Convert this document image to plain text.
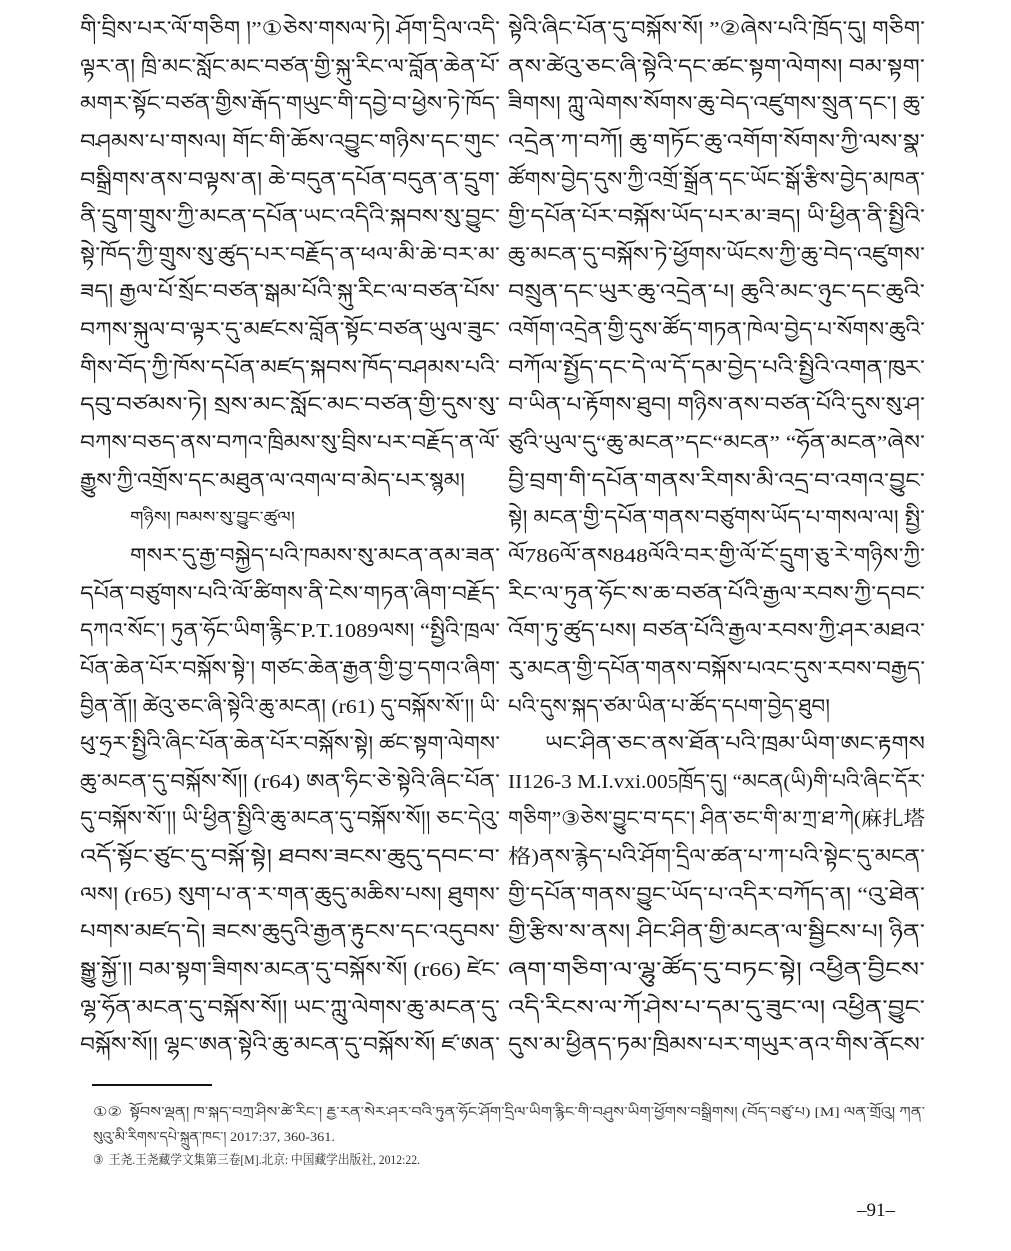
གི་བྲིས་པར་ལོ་གཅིག །”①ཅེས་གསལ་ཏེ། ཤོག་དྲིལ་འདི་
ལྟར་ན། ཁྲི་མང་སློང་མང་བཙན་གྱི་སྐུ་རིང་ལ་བློན་ཆེན་པོ་
མགར་སྟོང་བཙན་གྱིས་རྒོད་གཡུང་གི་དབྱེ་བ་ཕྱེས་ཏེ་ཁོད་
བཤམས་པ་གསལ། གོང་གི་ཆོས་འབྱུང་གཉིས་དང་གུང་
བསྒྲིགས་ནས་བལྟས་ན། ཆེ་བདུན་དཔོན་བདུན་ན་དྲུག་
ནི་དྲུག་གྲུས་ཀྱི་མངན་དཔོན་ཡང་འདིའི་སྐབས་སུ་བྱུང་
སྟེ་ཁོད་ཀྱི་གྲུས་སུ་ཚུད་པར་བརྗོད་ན་ཕལ་མི་ཆེ་བར་མ་
ཟད། རྒྱལ་པོ་སྲོང་བཙན་སྒམ་པོའི་སྐུ་རིང་ལ་བཙན་པོས་
བཀས་སྐུལ་བ་ལྟར་དུ་མཛངས་བློན་སྟོང་བཙན་ཡུལ་ཟུང་
གིས་བོད་ཀྱི་ཁོས་དཔོན་མཛད་སྐབས་ཁོད་བཤམས་པའི་
དབུ་བཙམས་ཏེ། སྲས་མང་སློང་མང་བཙན་གྱི་དུས་སུ་
བཀས་བཅད་ནས་བཀའ་ཁྲིམས་སུ་བྲིས་པར་བརྗོད་ན་ལོ་
རྒྱུས་ཀྱི་འགྲོས་དང་མཐུན་ལ་འགལ་བ་མེད་པར་སྙམ།
གཉིས། ཁམས་སུ་བྱུང་ཚུལ།
གསར་དུ་རྒྱ་བསྐྱེད་པའི་ཁམས་སུ་མངན་ནམ་ཟན་
དཔོན་བཙུགས་པའི་ལོ་ཚིགས་ནི་ངེས་གཏན་ཞིག་བརྗོད་
དཀའ་སོང་། ཏུན་ཧོང་ཡིག་རྙིང་P.T.1089ལས། “སྤྱིའི་ཁྲལ་
པོན་ཆེན་པོར་བསྐོས་སྟེ་། གཙང་ཆེན་རྒྱན་གྱི་བྱ་དགའ་ཞིག་
བྱིན་ནོ།། ཚེའུ་ཅང་ཞི་སྟེའི་ཆུ་མངན། (r61) དུ་བསྐོས་སོ་།། ཡི་
ཕུ་ཧྲར་སྤྱིའི་ཞིང་པོན་ཆེན་པོར་བསྐོས་སྟེ། ཚང་སྟག་ལེགས་
ཆུ་མངན་དུ་བསྐོས་སོ།། (r64) ཨན་ཧིང་ཅེ་སྟེའི་ཞིང་པོན་
དུ་བསྐོས་སོ་།། ཡི་ཕྱིན་སྤྱིའི་ཆུ་མངན་དུ་བསྐོས་སོ།། ཅང་དེའུ་
འདོ་སྟོང་ཙུང་དུ་བསྐོ་སྟེ། ཐབས་ཟངས་ཆུདུ་དབང་བ་
ལས། (r65) སུག་པ་ན་ར་གན་ཆུདུ་མཆིས་པས། ཐུགས་
པགས་མཛད་དེ། ཟངས་ཆུདུའི་རྒྱན་རྟུངས་དང་འདུབས་
སྒྱུ་སྐྱོ་།། བམ་སྟག་ཟིགས་མངན་དུ་བསྐོས་སོ། (r66) ཛེང་
ལྷ་ཧོན་མངན་དུ་བསྐོས་སོ།། ཡང་ཀླུ་ལེགས་ཆུ་མངན་དུ་
བསྐོས་སོ།། ལྷང་ཨན་སྟེའི་ཆུ་མངན་དུ་བསྐོས་སོ། ཛ་ཨན་
སྟེའི་ཞིང་པོན་དུ་བསྐོས་སོ། ”②ཞེས་པའི་ཁྲོད་དུ། གཅིག་
ནས་ཚེའུ་ཅང་ཞི་སྟེའི་དང་ཚང་སྟག་ལེགས། བམ་སྟག་
ཟིགས། ཀླུ་ལེགས་སོགས་ཆུ་བེད་འཛུགས་སྲུན་དང་། ཆུ་
འདྲེན་ཀ་བཀོ། ཆུ་གཏོང་ཆུ་འགོག་སོགས་ཀྱི་ལས་སྣ་
ཚོགས་བྱེད་དུས་ཀྱི་འགྲོ་སྒྲོན་དང་ཡོང་སྒོ་རྩིས་བྱེད་མཁན་
གྱི་དཔོན་པོར་བསྐོས་ཡོད་པར་མ་ཟད། ཡི་ཕྱིན་ནི་སྤྱིའི་
ཆུ་མངན་དུ་བསྐོས་ཏེ་ཕྱོགས་ཡོངས་ཀྱི་ཆུ་བེད་འཛུགས་
བསྲུན་དང་ཡུར་ཆུ་འདྲེན་པ། ཆུའི་མང་ཉུང་དང་ཆུའི་
འགོག་འདྲེན་གྱི་དུས་ཚོད་གཏན་ཁེལ་བྱེད་པ་སོགས་ཆུའི་
བཀོལ་སྤྱོད་དང་དེ་ལ་དོ་དམ་བྱེད་པའི་སྤྱིའི་འགན་ཁུར་
བ་ཡིན་པ་རྟོགས་ཐུབ། གཉིས་ནས་བཙན་པོའི་དུས་སུ་ཤ་
ཙུའི་ཡུལ་དུ“ཆུ་མངན”དང“མངན” “ཧོན་མངན”ཞེས་
བྱི་བྲག་གི་དཔོན་གནས་རིགས་མི་འདྲ་བ་འགའ་བྱུང་
སྟེ། མངན་གྱི་དཔོན་གནས་བཙུགས་ཡོད་པ་གསལ་ལ། སྤྱི་
ལོ786ལོ་ནས848ལོའི་བར་གྱི་ལོ་ངོ་དྲུག་ཅུ་རེ་གཉིས་ཀྱི་
རིང་ལ་ཏུན་ཧོང་ས་ཆ་བཙན་པོའི་རྒྱལ་རབས་ཀྱི་དབང་
འོག་ཏུ་ཚུད་པས། བཙན་པོའི་རྒྱལ་རབས་ཀྱི་ཤར་མཐའ་
རུ་མངན་གྱི་དཔོན་གནས་བསྐོས་པའང་དུས་རབས་བརྒྱད་
པའི་དུས་སྐད་ཙམ་ཡིན་པ་ཚོད་དཔག་བྱེད་ཐུབ།
ཡང་ཤིན་ཅང་ནས་ཐོན་པའི་ཁྲམ་ཡིག་ཨང་རྟགས
II126-3 M.I.vxi.005ཁྲོད་དུ། “མངན(ཡི)གི་པའི་ཞིང་དོར་
གཅིག”③ཅེས་བྱུང་བ་དང་། ཤིན་ཅང་གི་མ་ཀྲ་ཐ་ཀེ(麻扎塔
格)ནས་རྙེད་པའི་ཤོག་དྲིལ་ཚན་པ་ཀ་པའི་སྟེང་དུ་མངན་
གྱི་དཔོན་གནས་བྱུང་ཡོད་པ་འདིར་བཀོད་ན། “འུ་ཐེན་
གྱི་རྩིས་ས་ནས། ཤིང་ཤིན་གྱི་མངན་ལ་སྦྱིངས་པ། ཉིན་
ཞག་གཅིག་ལ་ལྷུ་ཚོད་དུ་བཏང་སྟེ། འཕྱིན་བྱིངས་
འདི་རིངས་ལ་ཀོ་ཤེས་པ་དམ་དུ་ཟུང་ལ། འཕྱིན་བྱུང་
དུས་མ་ཕྱིནད་ཏམ་ཁྲིམས་པར་གཡུར་ནའ་གིས་ནོངས་
①② སྟོབས་ལྡན། ཁ་སྐད་བཀྲ་ཤིས་ཚེ་རིང་། རྡྱ་རན་སེར་ཤར་བའི་ཏུན་ཧོང་ཤོག་དྲིལ་ཡིག་རྙིང་གི་བཤུས་ཡིག་ཕྱོགས་བསྒྲིགས། (བོད་བཙུ་པ) [M] ལན་གྲོའུ། ཀན་
སུའུ་མི་རིགས་དཔེ་སྐྲུན་ཁང་། 2017:37, 360-361.
③ 王尧.王尧藏学文集第三卷[M].北京: 中国藏学出版社, 2012:22.
–91–
